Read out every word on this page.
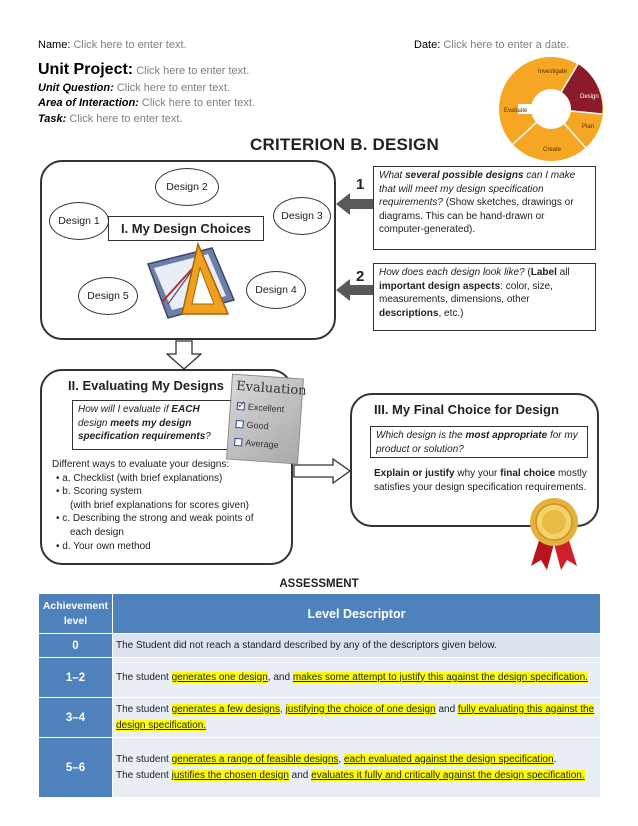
Name: Click here to enter text.	Date: Click here to enter a date.
Unit Project: Click here to enter text.
Unit Question: Click here to enter text.
Area of Interaction: Click here to enter text.
Task: Click here to enter text.
Investigate
Design
Plan
Create
Evaluate
CRITERION B. DESIGN
Design 2
Design 1	Design 3
Design 5	Design 4
I. My Design Choices
1
2
What several possible designs can I make that will meet my design specification requirements? (Show sketches, drawings or diagrams. This can be hand-drawn or computer-generated).
How does each design look like? (Label all important design aspects: color, size, measurements, dimensions, other descriptions, etc.)
II. Evaluating My Designs
How will I evaluate if EACH design meets my design specification requirements?
Different ways to evaluate your designs:
• a. Checklist (with brief explanations)
• b. Scoring system
(with brief explanations for scores given)
• c. Describing the strong and weak points of
each design
• d. Your own method
Evaluation
✓
Excellent
Good
Average
III. My Final Choice for Design
Which design is the most appropriate for my product or solution?
Explain or justify why your final choice mostly satisfies your design specification requirements.
ASSESSMENT
Achievement level	Level Descriptor
0	The Student did not reach a standard described by any of the descriptors given below.
1–2	The student generates one design, and makes some attempt to justify this against the design specification.
3–4	The student generates a few designs, justifying the choice of one design and fully evaluating this against the design specification.
5–6	The student generates a range of feasible designs, each evaluated against the design specification.
The student justifies the chosen design and evaluates it fully and critically against the design specification.
